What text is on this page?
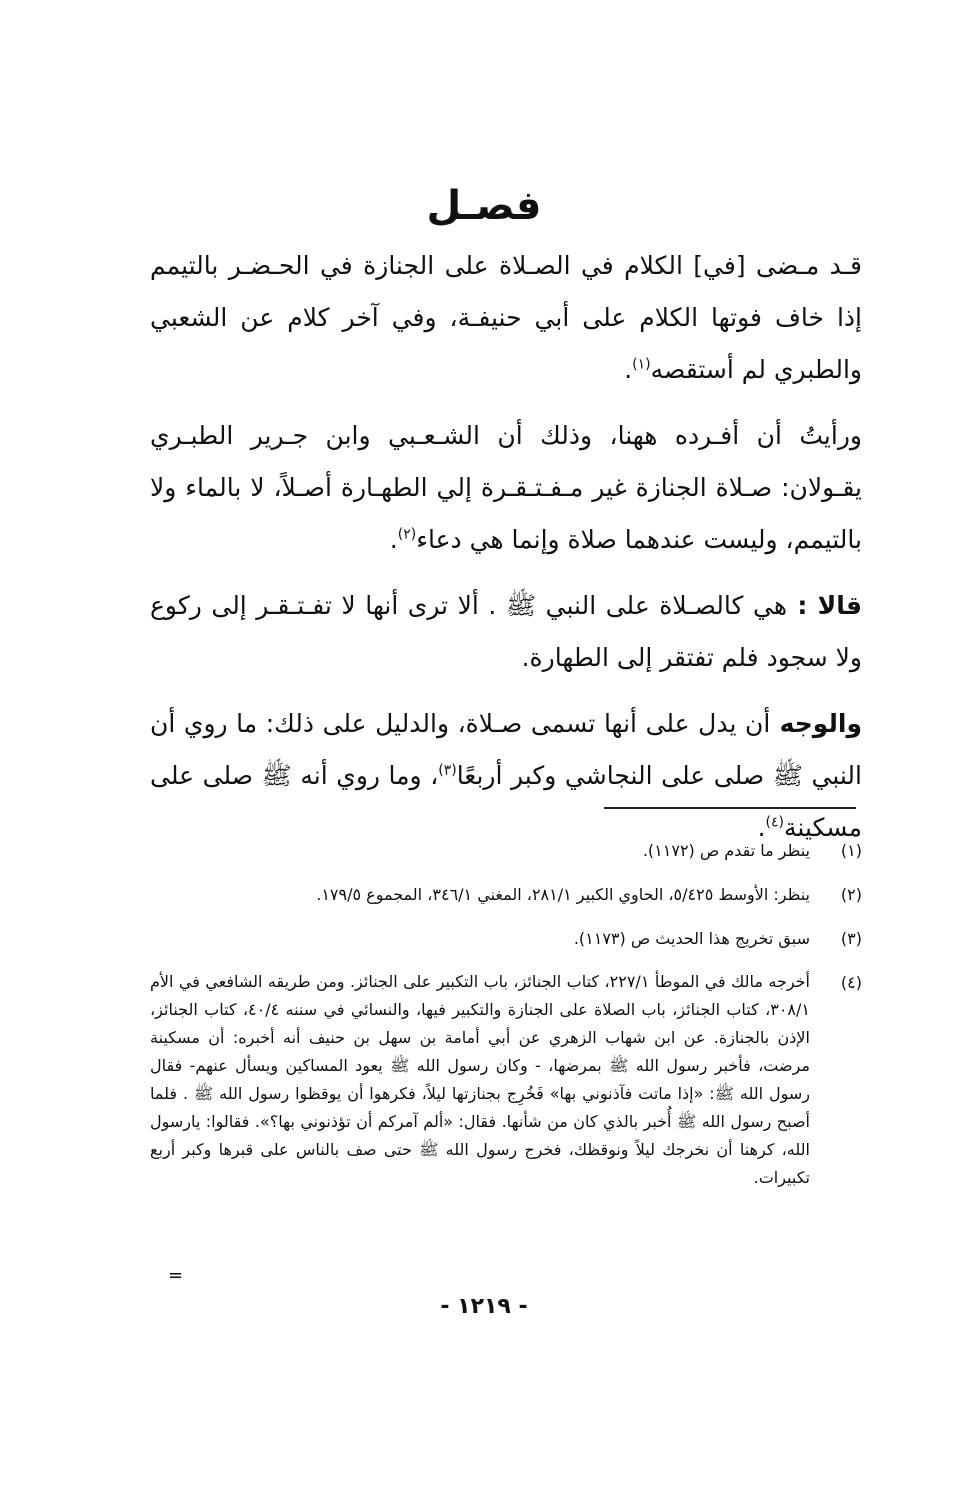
فصـل

قـد مـضى [في] الكلام في الصـلاة على الجنازة في الحـضـر بالتيمم إذا خاف فوتها الكلام على أبي حنيفـة، وفي آخر كلام عن الشعبي والطبري لم أستقصه$^{(١)}$.

ورأيتُ أن أفـرده ههنا، وذلك أن الشـعـبي وابن جـرير الطبـري يقـولان: صـلاة الجنازة غير مـفـتـقـرة إلي الطهـارة أصـلاً، لا بالماء ولا بالتيمم، وليست عندهما صلاة وإنما هي دعاء$^{(٢)}$.

قالا : هي كالصـلاة على النبي ﷺ . ألا ترى أنها لا تفـتـقـر إلى ركوع ولا سجود فلم تفتقر إلى الطهارة.

والوجه أن يدل على أنها تسمى صـلاة، والدليل على ذلك: ما روي أن النبي ﷺ صلى على النجاشي وكبر أربعًا$^{(٣)}$، وما روي أنه ﷺ صلى على مسكينة$^{(٤)}$.

(١)
ينظر ما تقدم ص (١١٧٢).
(٢)
ينظر: الأوسط ٥/٤٢٥، الحاوي الكبير ٢٨١/١، المغني ٣٤٦/١، المجموع ١٧٩/٥.
(٣)
سبق تخريج هذا الحديث ص (١١٧٣).
(٤)
أخرجه مالك في الموطأ ٢٢٧/١، كتاب الجنائز، باب التكبير على الجنائز. ومن طريقه الشافعي في الأم ٣٠٨/١، كتاب الجنائز، باب الصلاة على الجنازة والتكبير فيها، والنسائي في سننه ٤٠/٤، كتاب الجنائز، الإذن بالجنازة. عن ابن شهاب الزهري عن أبي أمامة بن سهل بن حنيف أنه أخبره: أن مسكينة مرضت، فأخبر رسول الله ﷺ بمرضها، - وكان رسول الله ﷺ يعود المساكين ويسأل عنهم- فقال رسول الله ﷺ: «إذا ماتت فآذنوني بها» فَخُرِج بجنازتها ليلاً، فكرهوا أن يوقظوا رسول الله ﷺ . فلما أصبح رسول الله ﷺ أُخبر بالذي كان من شأنها. فقال: «ألم آمركم أن تؤذنوني بها؟». فقالوا: يارسول الله، كرهنا أن نخرجك ليلاً ونوقظك، فخرج رسول الله ﷺ حتى صف بالناس على قبرها وكبر أربع تكبيرات.
=
- ١٢١٩ -
